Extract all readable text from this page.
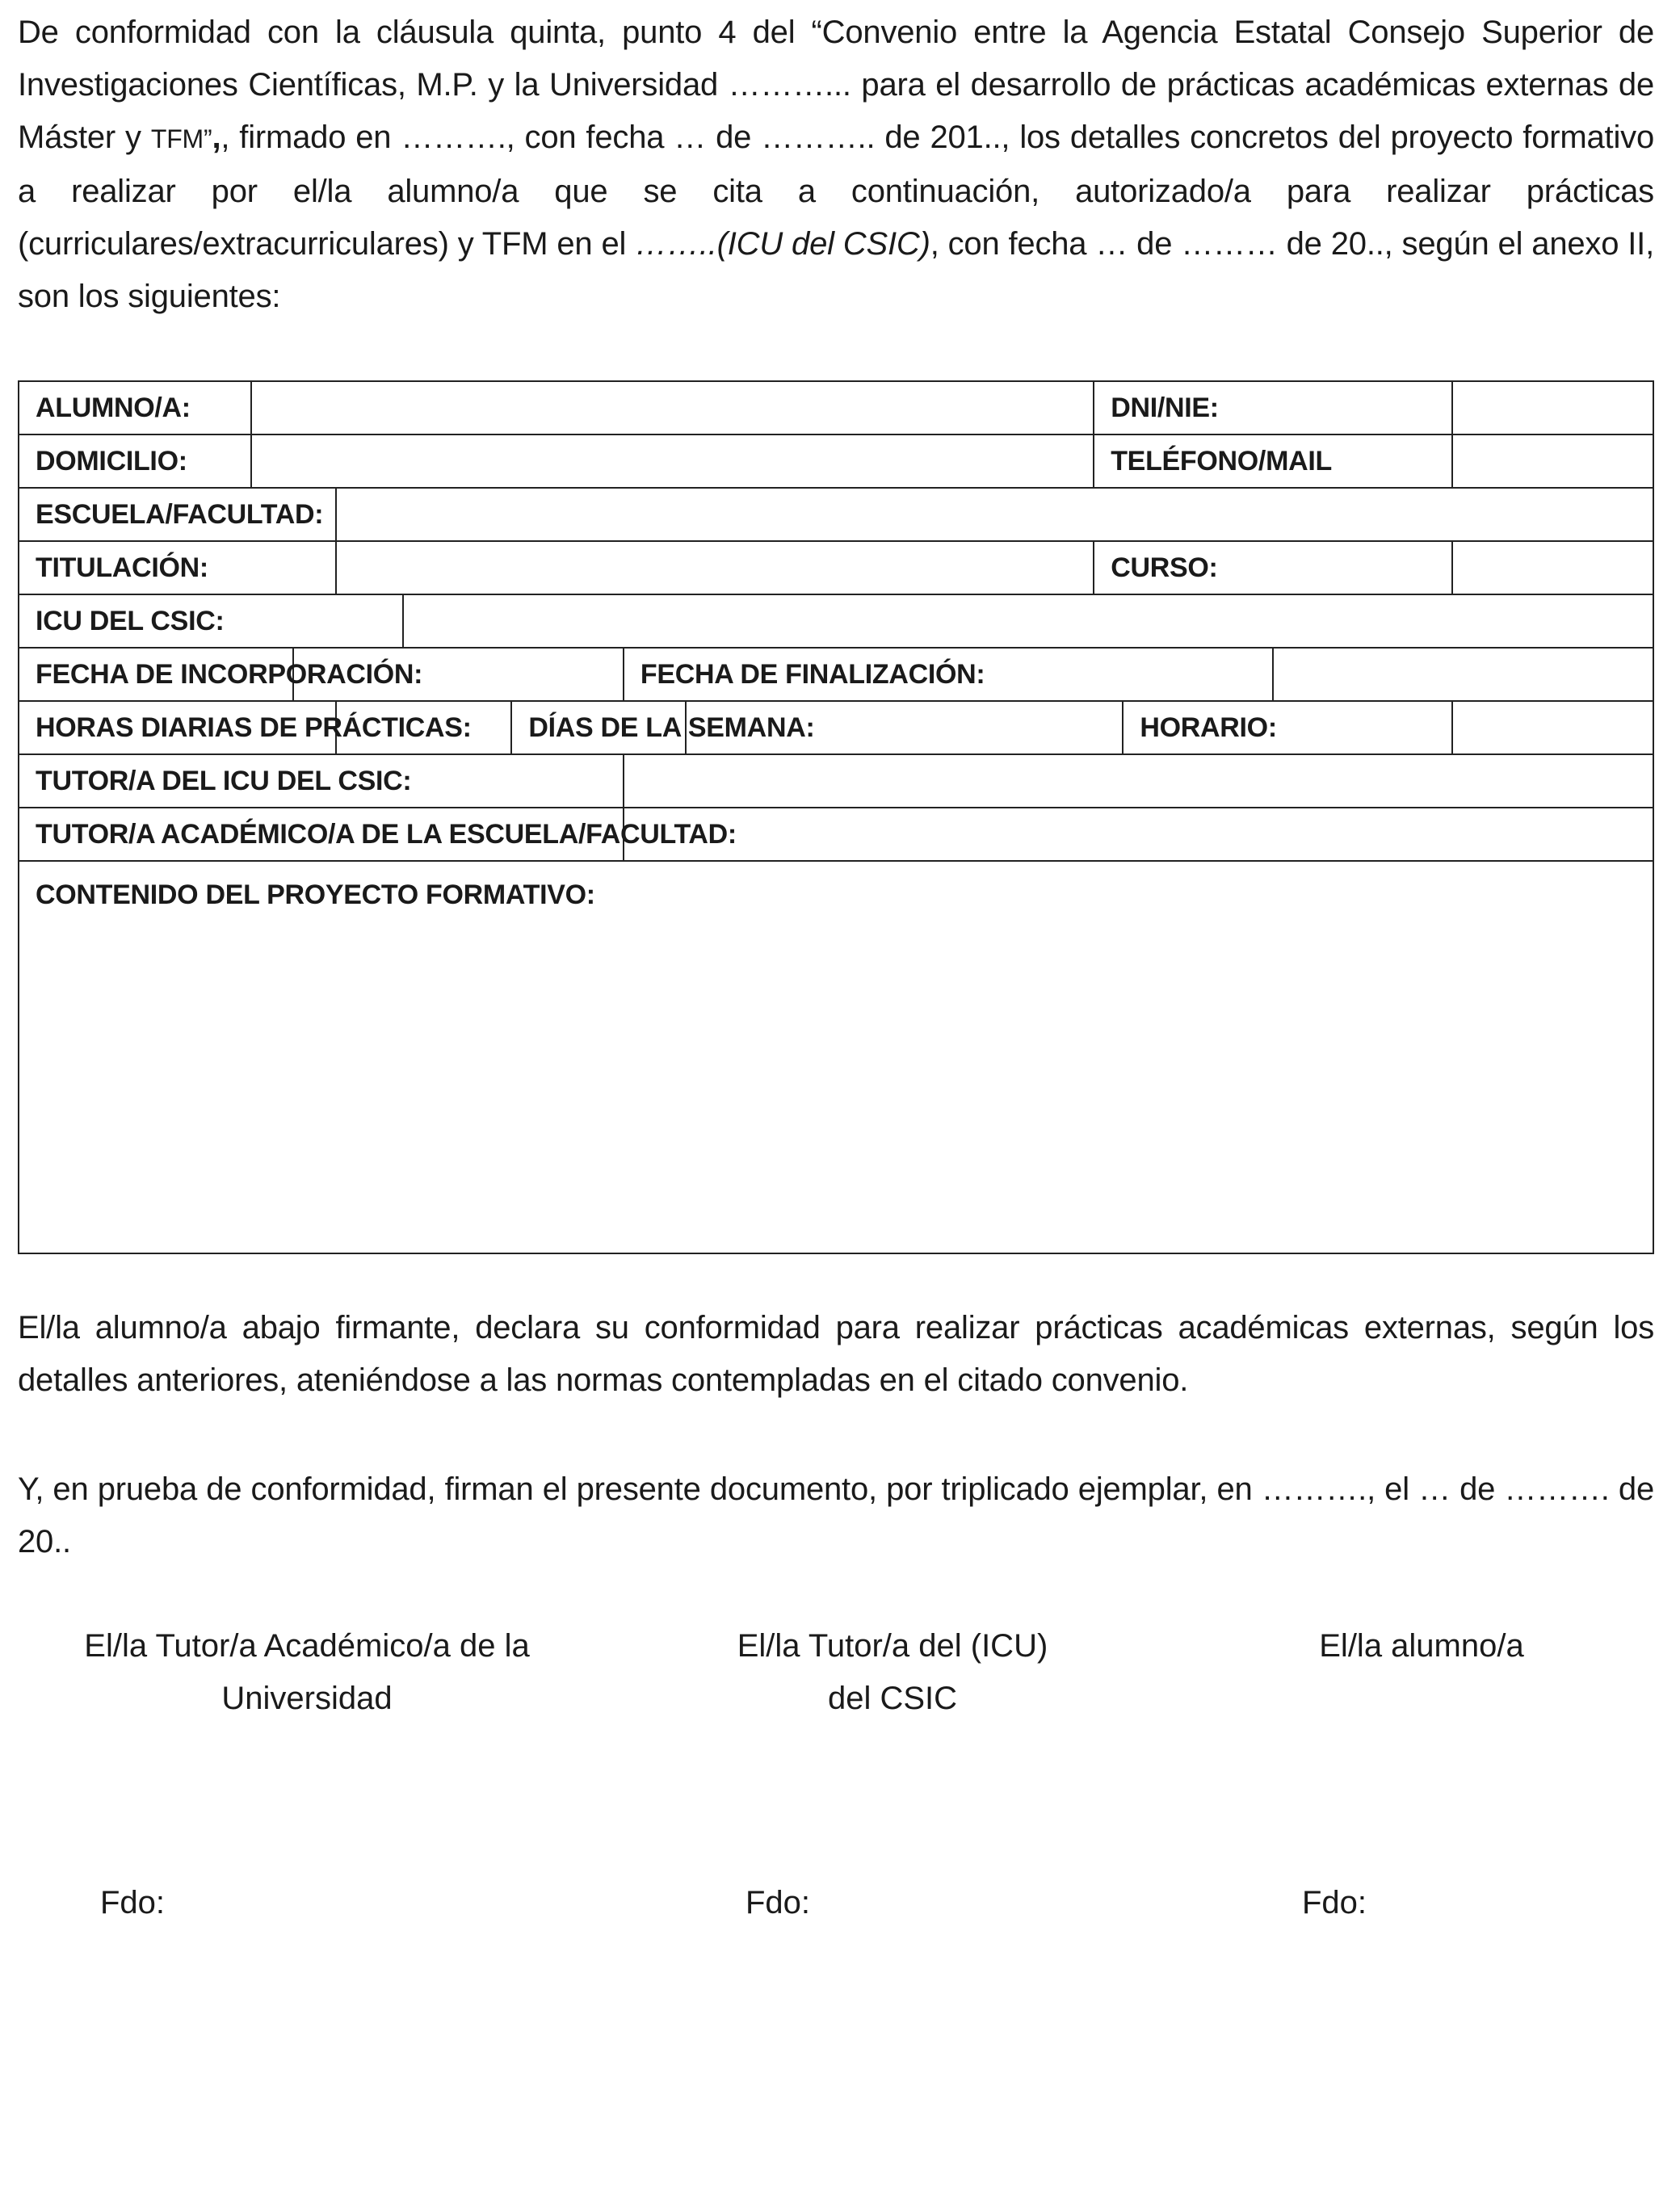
De conformidad con la cláusula quinta, punto 4 del “Convenio entre la Agencia Estatal Consejo Superior de Investigaciones Científicas, M.P. y la Universidad ………... para el desarrollo de prácticas académicas externas de Máster y TFM”,, firmado en ………., con fecha … de ……….. de 201.., los detalles concretos del proyecto formativo a realizar por el/la alumno/a que se cita a continuación, autorizado/a para realizar prácticas (curriculares/extracurriculares) y TFM en el ……..(ICU del CSIC), con fecha … de ……… de 20.., según el anexo II, son los siguientes:

ALUMNO/A:								DNI/NIE:			
DOMICILIO:								TELÉFONO/MAIL			
ESCUELA/FACULTAD:											
TITULACIÓN:								CURSO:			
ICU DEL CSIC:											
FECHA DE INCORPORACIÓN:						FECHA DE FINALIZACIÓN:					
HORAS DIARIAS DE PRÁCTICAS:					DÍAS DE LA SEMANA:				HORARIO:		
TUTOR/A DEL ICU DEL CSIC:											
TUTOR/A ACADÉMICO/A DE LA ESCUELA/FACULTAD:											
CONTENIDO DEL PROYECTO FORMATIVO:											

El/la alumno/a abajo firmante, declara su conformidad para realizar prácticas académicas externas, según los detalles anteriores, ateniéndose a las normas contempladas en el citado convenio.

Y, en prueba de conformidad, firman el presente documento, por triplicado ejemplar, en ………., el … de ………. de 20..

El/la Tutor/a Académico/a de la
Universidad
El/la Tutor/a del (ICU)
del CSIC
El/la alumno/a
Fdo:	Fdo:	Fdo:
